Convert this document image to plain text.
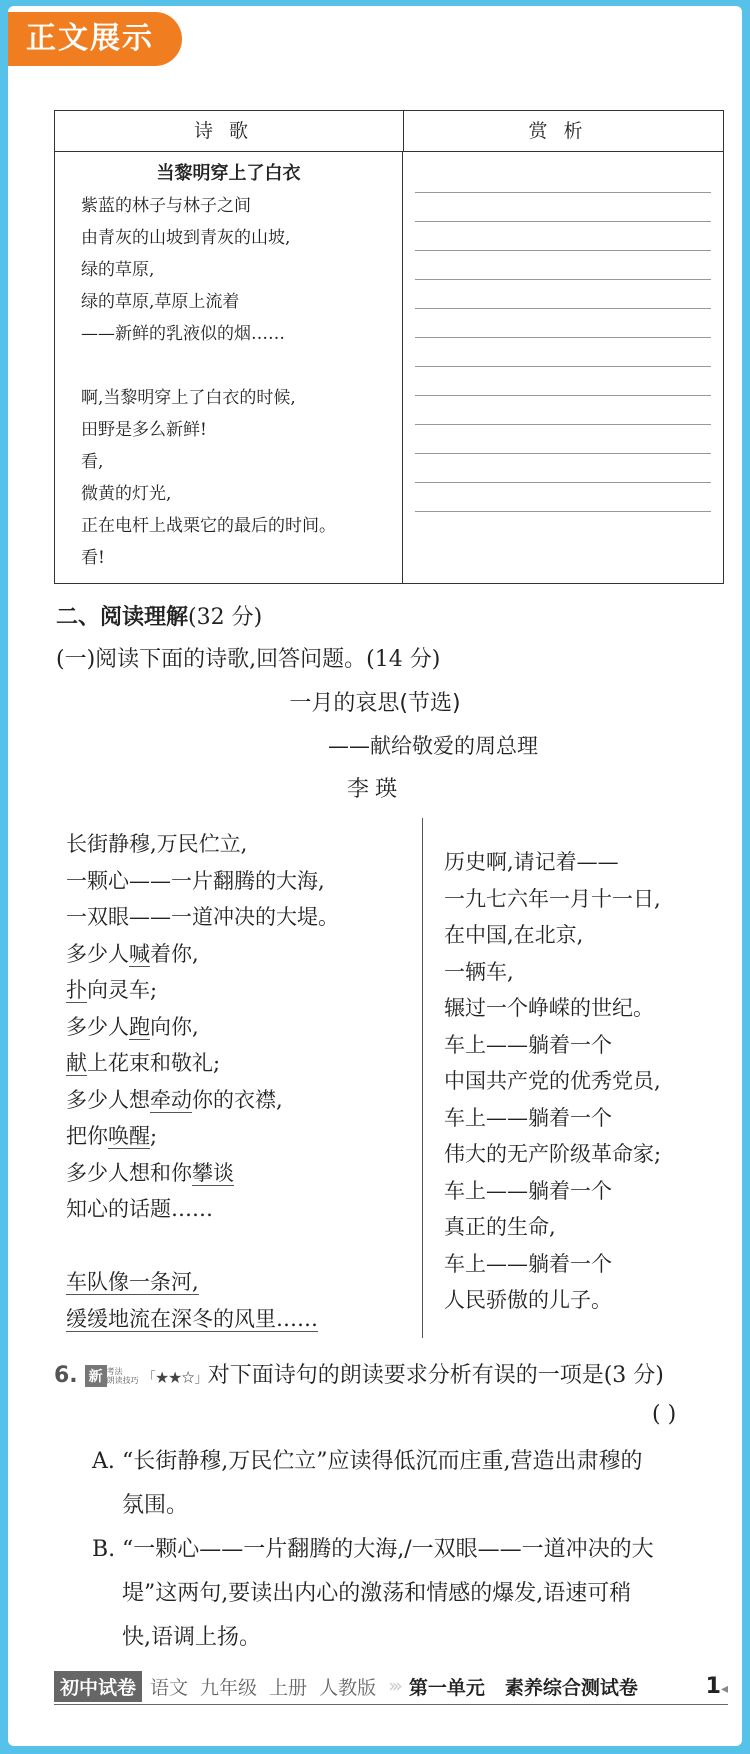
正文展示
诗歌	赏析
当黎明穿上了白衣
紫蓝的林子与林子之间
由青灰的山坡到青灰的山坡,
绿的草原,
绿的草原,草原上流着
——新鲜的乳液似的烟……
啊,当黎明穿上了白衣的时候,
田野是多么新鲜!
看,
微黄的灯光,
正在电杆上战栗它的最后的时间。
看!
二、阅读理解(32 分)
(一)阅读下面的诗歌,回答问题。(14 分)
一月的哀思(节选)
——献给敬爱的周总理
李瑛
长街静穆,万民伫立,
一颗心——一片翻腾的大海,
一双眼——一道冲决的大堤。
多少人喊着你,
扑向灵车;
多少人跑向你,
献上花束和敬礼;
多少人想牵动你的衣襟,
把你唤醒;
多少人想和你攀谈
知心的话题……
车队像一条河,
缓缓地流在深冬的风里……
历史啊,请记着——
一九七六年一月十一日,
在中国,在北京,
一辆车,
辗过一个峥嵘的世纪。
车上——躺着一个
中国共产党的优秀党员,
车上——躺着一个
伟大的无产阶级革命家;
车上——躺着一个
真正的生命,
车上——躺着一个
人民骄傲的儿子。
6. 新 考法
朗读技巧 「★★☆」对下面诗句的朗读要求分析有误的一项是(3 分)
( )
A. “长街静穆,万民伫立”应读得低沉而庄重,营造出肃穆的
氛围。
B. “一颗心——一片翻腾的大海,/一双眼——一道冲决的大
堤”这两句,要读出内心的激荡和情感的爆发,语速可稍
快,语调上扬。
初中试卷 语文 九年级 上册 人教版 ››› 第一单元 素养综合测试卷	1◂
